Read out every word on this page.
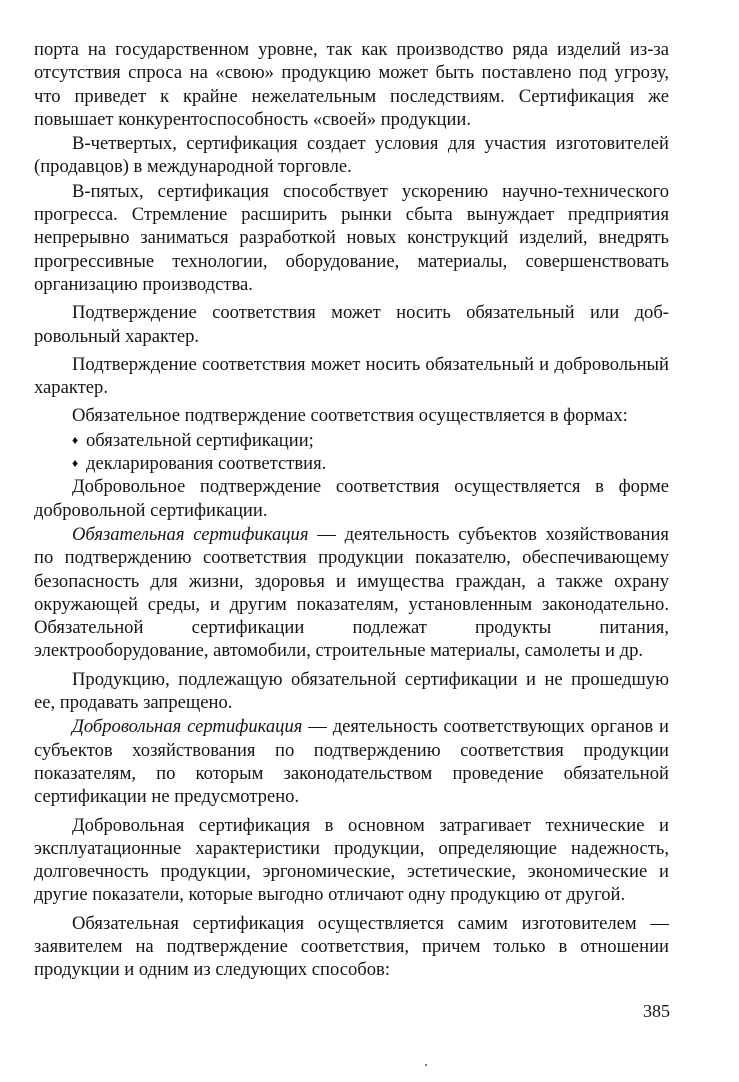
порта на государственном уровне, так как производство ряда изделий из-за отсутствия спроса на «свою» продукцию может быть поставлено под угрозу, что приведет к крайне нежелательным последствиям. Сертификация же повышает конкурентоспособность «своей» продукции.

В-четвертых, сертификация создает условия для участия изготовителей (продавцов) в международной торговле.

В-пятых, сертификация способствует ускорению научно-технического прогресса. Стремление расширить рынки сбыта вынуждает предприятия непрерывно заниматься разработкой новых конструкций изделий, внедрять прогрессивные технологии, оборудование, материалы, совершенствовать организацию производства.

Подтверждение соответствия может носить обязательный или добровольный характер.

Подтверждение соответствия может носить обязательный и добровольный характер.

Обязательное подтверждение соответствия осуществляется в формах:

♦ обязательной сертификации;
♦ декларирования соответствия.

Добровольное подтверждение соответствия осуществляется в форме добровольной сертификации.

Обязательная сертификация — деятельность субъектов хозяйствования по подтверждению соответствия продукции показателю, обеспечивающему безопасность для жизни, здоровья и имущества граждан, а также охрану окружающей среды, и другим показателям, установленным законодательно. Обязательной сертификации подлежат продукты питания, электрооборудование, автомобили, строительные материалы, самолеты и др.

Продукцию, подлежащую обязательной сертификации и не прошедшую ее, продавать запрещено.

Добровольная сертификация — деятельность соответствующих органов и субъектов хозяйствования по подтверждению соответствия продукции показателям, по которым законодательством проведение обязательной сертификации не предусмотрено.

Добровольная сертификация в основном затрагивает технические и эксплуатационные характеристики продукции, определяющие надежность, долговечность продукции, эргономические, эстетические, экономические и другие показатели, которые выгодно отличают одну продукцию от другой.

Обязательная сертификация осуществляется самим изготовителем — заявителем на подтверждение соответствия, причем только в отношении продукции и одним из следующих способов:

385
